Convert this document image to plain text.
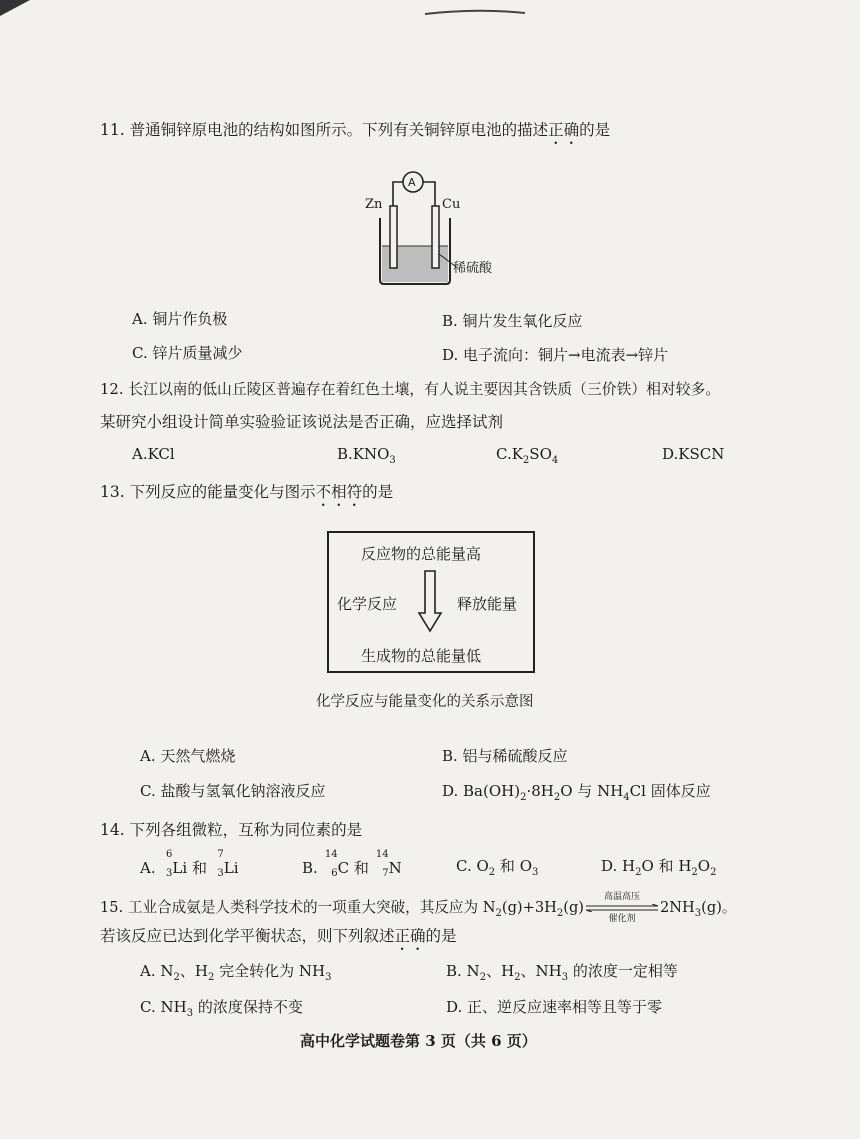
11. 普通铜锌原电池的结构如图所示。下列有关铜锌原电池的描述正确的是
Zn	Cu
A
稀硫酸
A. 铜片作负极	B. 铜片发生氧化反应
C. 锌片质量减少	D. 电子流向：铜片→电流表→锌片
12. 长江以南的低山丘陵区普遍存在着红色土壤，有人说主要因其含铁质（三价铁）相对较多。
某研究小组设计简单实验验证该说法是否正确，应选择试剂
A.KCl	$B.KNO_3$	$C.K_2SO_4$	D.KSCN
13. 下列反应的能量变化与图示不相符的是
反应物的总能量高
化学反应	释放能量
生成物的总能量低
化学反应与能量变化的关系示意图
A. 天然气燃烧	B. 铝与稀硫酸反应
C. 盐酸与氢氧化钠溶液反应	D. $Ba(OH)_2\cdot 8H_2O$ 与 $NH_4Cl$ 固体反应
14. 下列各组微粒，互称为同位素的是
A.
6
3 Li 和
7
3 Li	B.
14
6 C 和
14
7 N	C. $O_2$ 和 $O_3$	D. $H_2O$ 和 $H_2O_2$
15. 工业合成氨是人类科学技术的一项重大突破，其反应为 $N_2(g)+3H_2(g)$
高温高压
催化剂
$2NH_3(g)$。
若该反应已达到化学平衡状态，则下列叙述正确的是
A. $N_2$、$H_2$ 完全转化为 $NH_3$	B. $N_2$、$H_2$、$NH_3$ 的浓度一定相等
C. $NH_3$ 的浓度保持不变	D. 正、逆反应速率相等且等于零
高中化学试题卷第 3 页（共 6 页）
